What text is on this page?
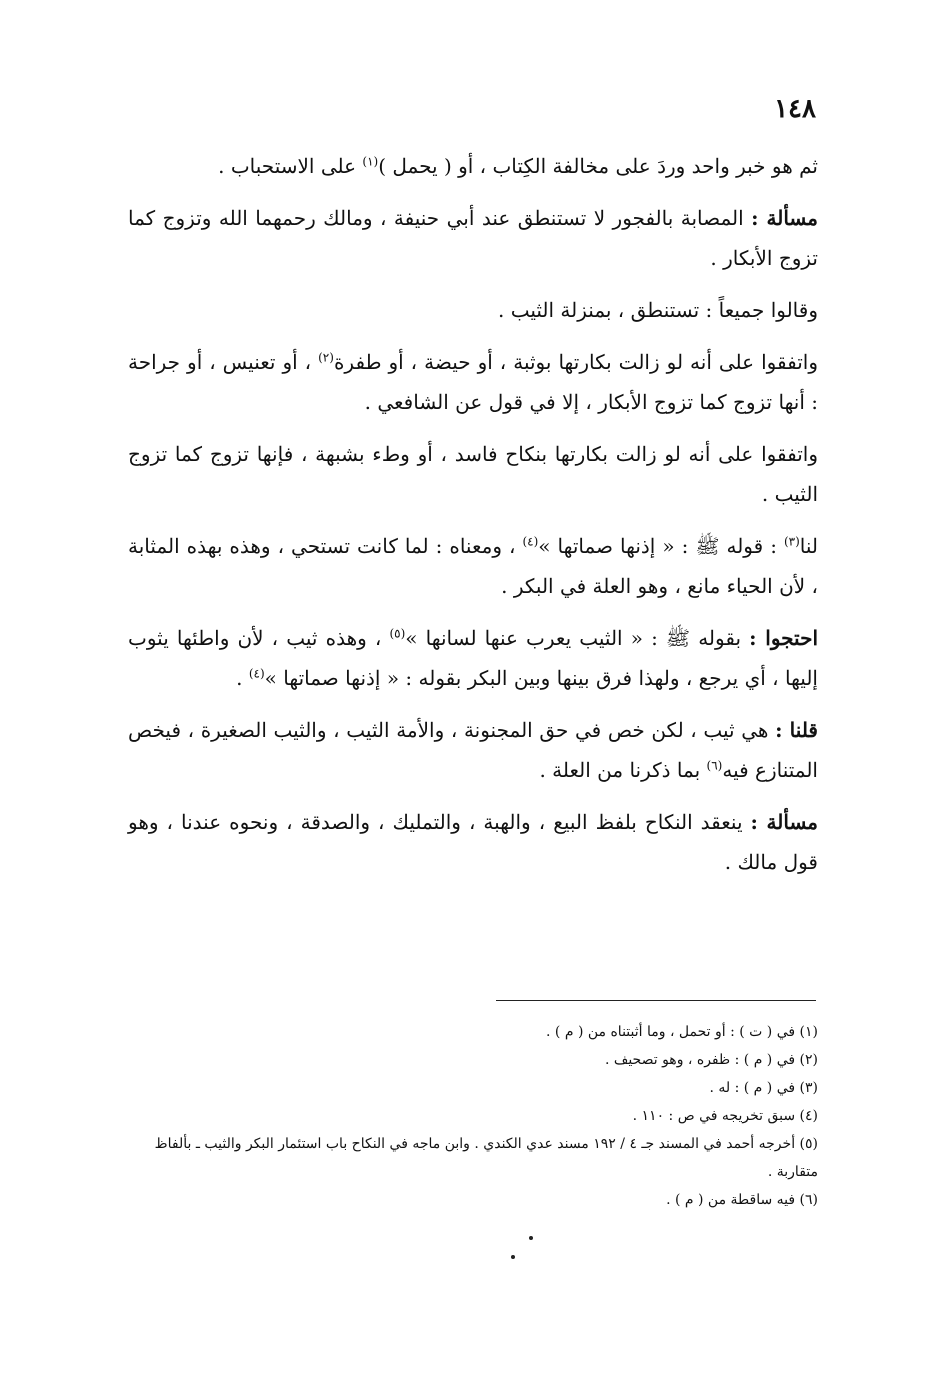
١٤٨

ثم هو خبر واحد وردَ على مخالفة الكِتاب ، أو ( يحمل )$^{(١)}$ على الاستحباب .

مسألة : المصابة بالفجور لا تستنطق عند أبي حنيفة ، ومالك رحمهما الله وتزوج كما تزوج الأبكار .

وقالوا جميعاً : تستنطق ، بمنزلة الثيب .

واتفقوا على أنه لو زالت بكارتها بوثبة ، أو حيضة ، أو طفرة$^{(٢)}$ ، أو تعنيس ، أو جراحة : أنها تزوج كما تزوج الأبكار ، إلا في قول عن الشافعي .

واتفقوا على أنه لو زالت بكارتها بنكاح فاسد ، أو وطء بشبهة ، فإنها تزوج كما تزوج الثيب .

لنا$^{(٣)}$ : قوله ﷺ : « إذنها صماتها »$^{(٤)}$ ، ومعناه : لما كانت تستحي ، وهذه بهذه المثابة ، لأن الحياء مانع ، وهو العلة في البكر .

احتجوا : بقوله ﷺ : « الثيب يعرب عنها لسانها »$^{(٥)}$ ، وهذه ثيب ، لأن واطئها يثوب إليها ، أي يرجع ، ولهذا فرق بينها وبين البكر بقوله : « إذنها صماتها »$^{(٤)}$ .

قلنا : هي ثيب ، لكن خص في حق المجنونة ، والأمة الثيب ، والثيب الصغيرة ، فيخص المتنازع فيه$^{(٦)}$ بما ذكرنا من العلة .

مسألة : ينعقد النكاح بلفظ البيع ، والهبة ، والتمليك ، والصدقة ، ونحوه عندنا ، وهو قول مالك .

(١) في ( ت ) : أو تحمل ، وما أثبتناه من ( م ) .

(٢) في ( م ) : ظفره ، وهو تصحيف .

(٣) في ( م ) : له .

(٤) سبق تخريجه في ص : ١١٠ .

(٥) أخرجه أحمد في المسند جـ ٤ / ١٩٢ مسند عدي الكندي . وابن ماجه في النكاح باب استئمار البكر والثيب ـ بألفاظ متقاربة .

(٦) فيه ساقطة من ( م ) .
